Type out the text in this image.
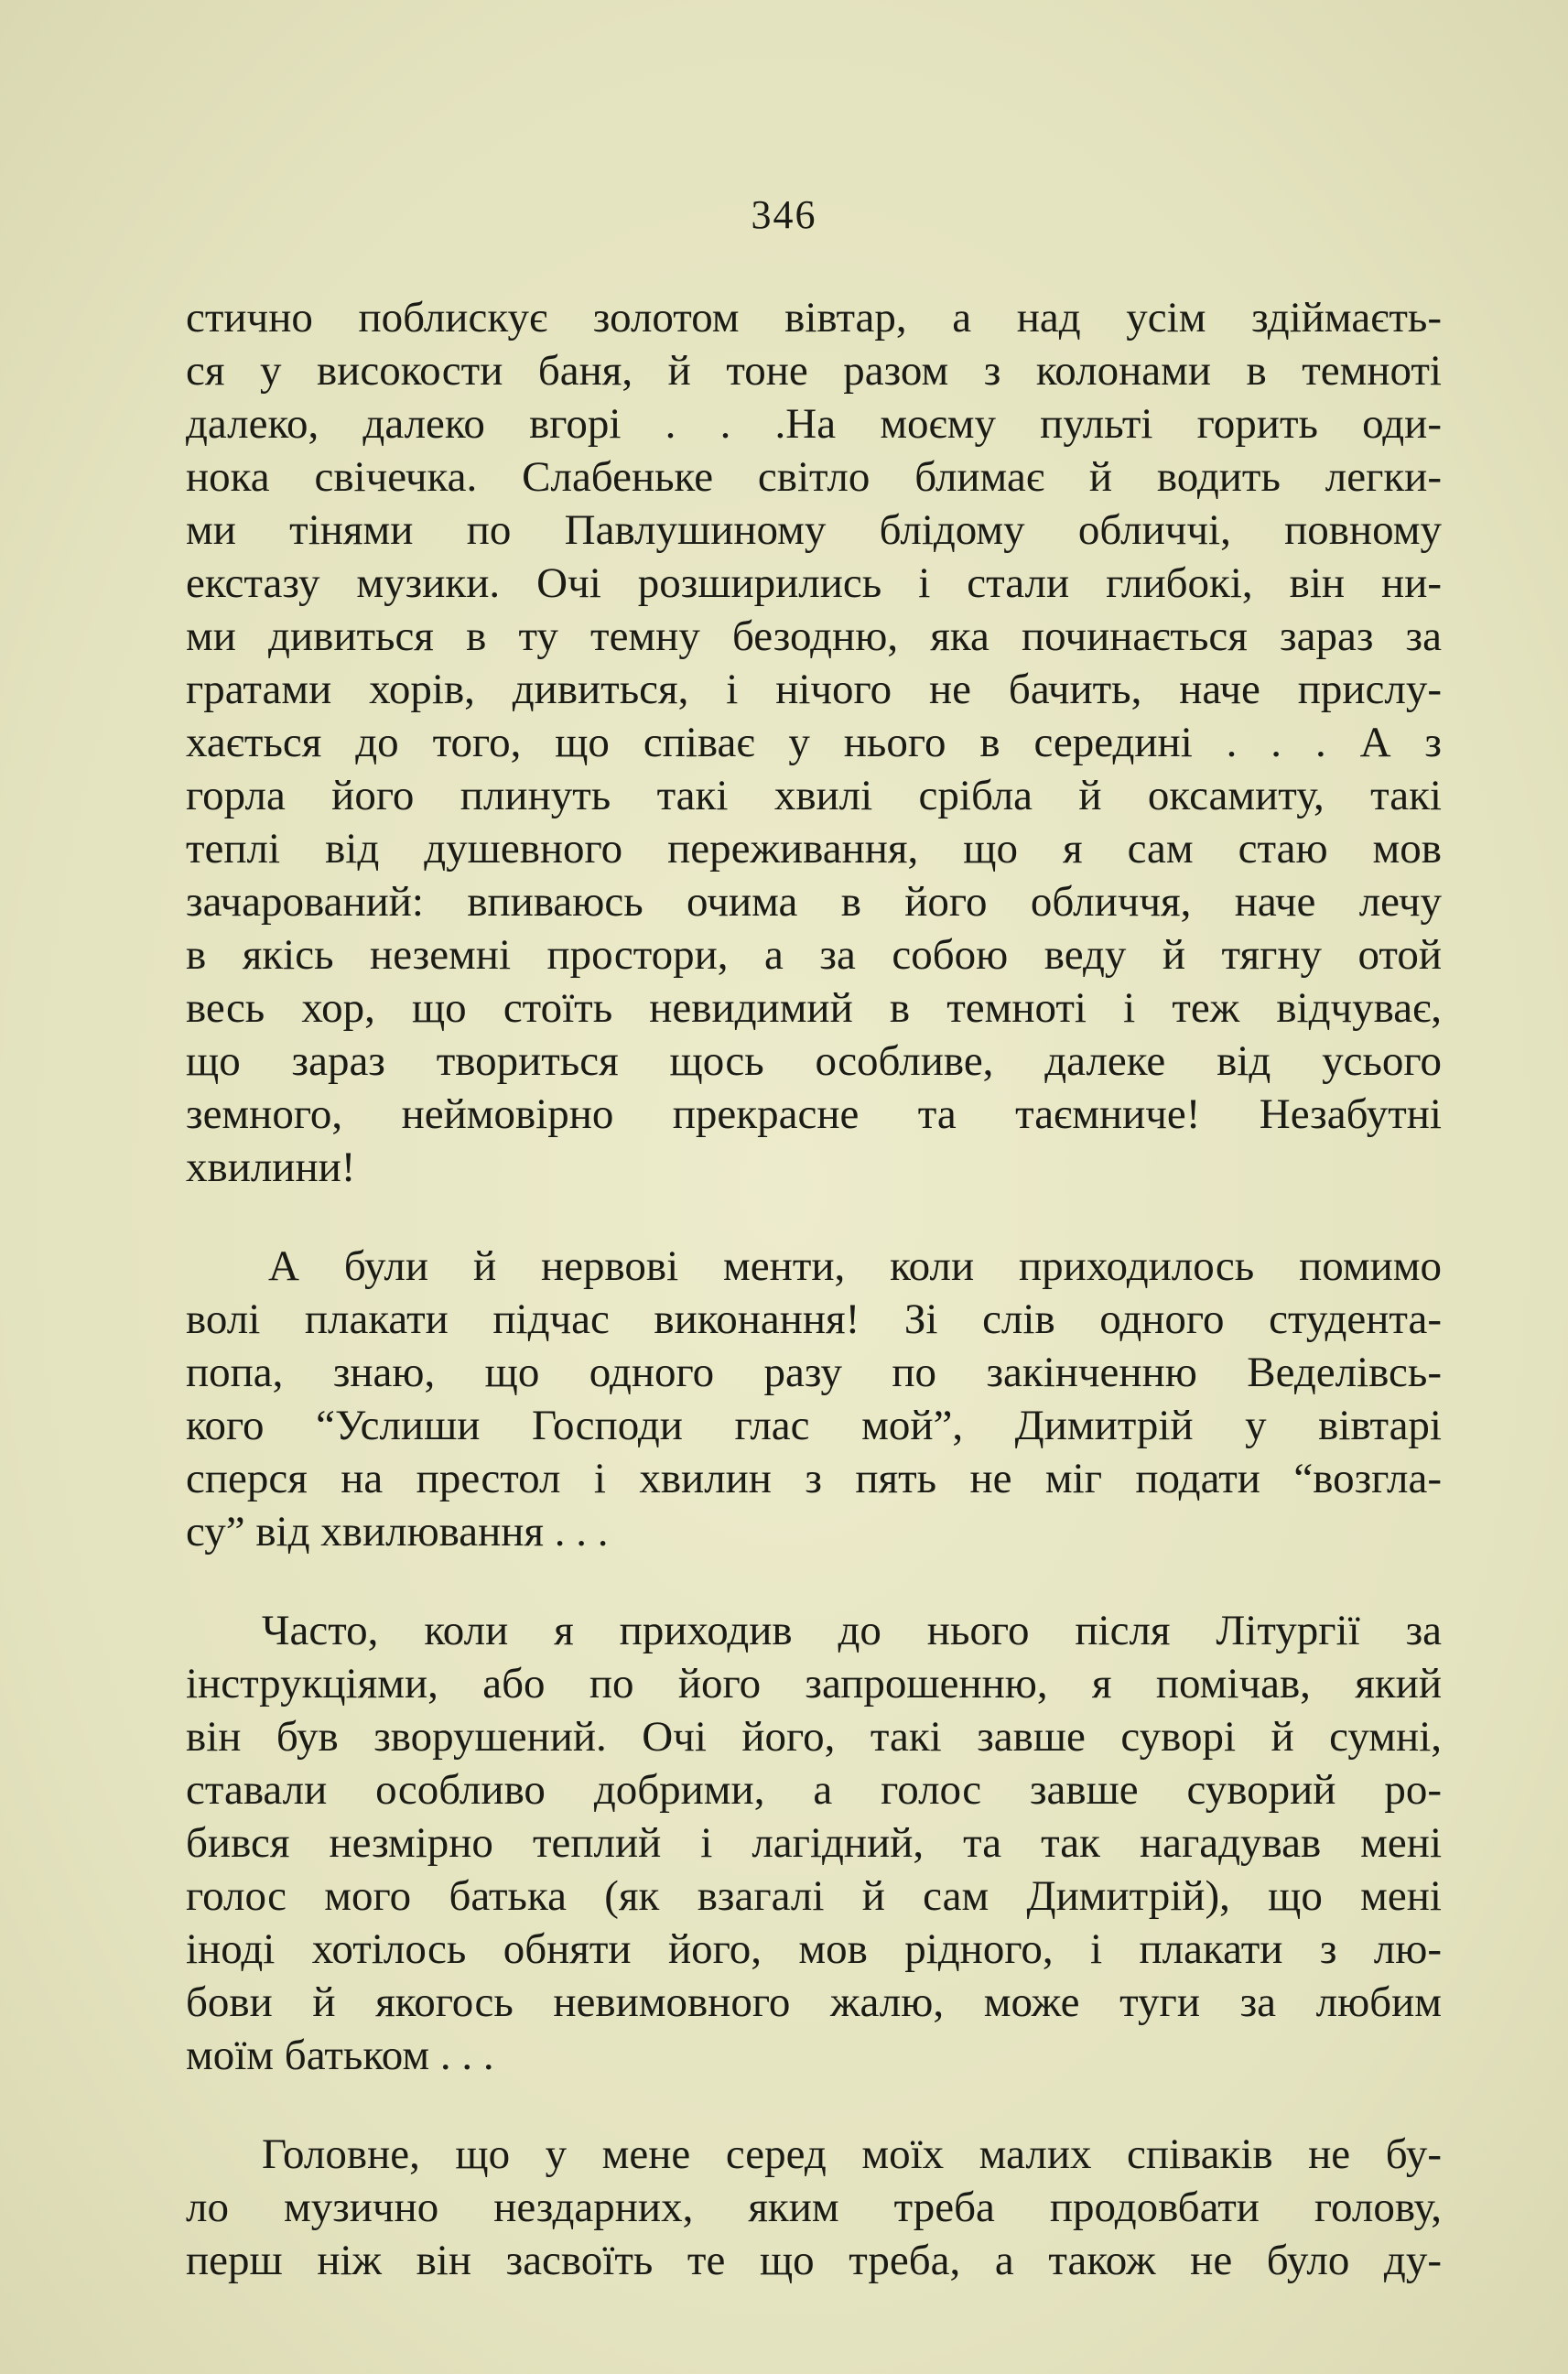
346
стично поблискує золотом вівтар, а над усім здіймаєть-
ся у високости баня, й тоне разом з колонами в темноті
далеко, далеко вгорі . . .На моєму пульті горить оди-
нока свічечка. Слабеньке світло блимає й водить легки-
ми тінями по Павлушиному блідому обличчі, повному
екстазу музики. Очі розширились і стали глибокі, він ни-
ми дивиться в ту темну безодню, яка починається зараз за
гратами хорів, дивиться, і нічого не бачить, наче прислу-
хається до того, що співає у нього в середині . . . А з
горла його плинуть такі хвилі срібла й оксамиту, такі
теплі від душевного переживання, що я сам стаю мов
зачарований: впиваюсь очима в його обличчя, наче лечу
в якісь неземні простори, а за собою веду й тягну отой
весь хор, що стоїть невидимий в темноті і теж відчуває,
що зараз твориться щось особливе, далеке від усього
земного, неймовірно прекрасне та таємниче! Незабутні
хвилини!
А були й нервові менти, коли приходилось помимо
волі плакати підчас виконання! Зі слів одного студента-
попа, знаю, що одного разу по закінченню Веделівсь-
кого “Услиши Господи глас мой”, Димитрій у вівтарі
сперся на престол і хвилин з пять не міг подати “возгла-
су” від хвилювання . . .
Часто, коли я приходив до нього після Літургії за
інструкціями, або по його запрошенню, я помічав, який
він був зворушений. Очі його, такі завше суворі й сумні,
ставали особливо добрими, а голос завше суворий ро-
бився незмірно теплий і лагідний, та так нагадував мені
голос мого батька (як взагалі й сам Димитрій), що мені
іноді хотілось обняти його, мов рідного, і плакати з лю-
бови й якогось невимовного жалю, може туги за любим
моїм батьком . . .
Головне, що у мене серед моїх малих співаків не бу-
ло музично нездарних, яким треба продовбати голову,
перш ніж він засвоїть те що треба, а також не було ду-
